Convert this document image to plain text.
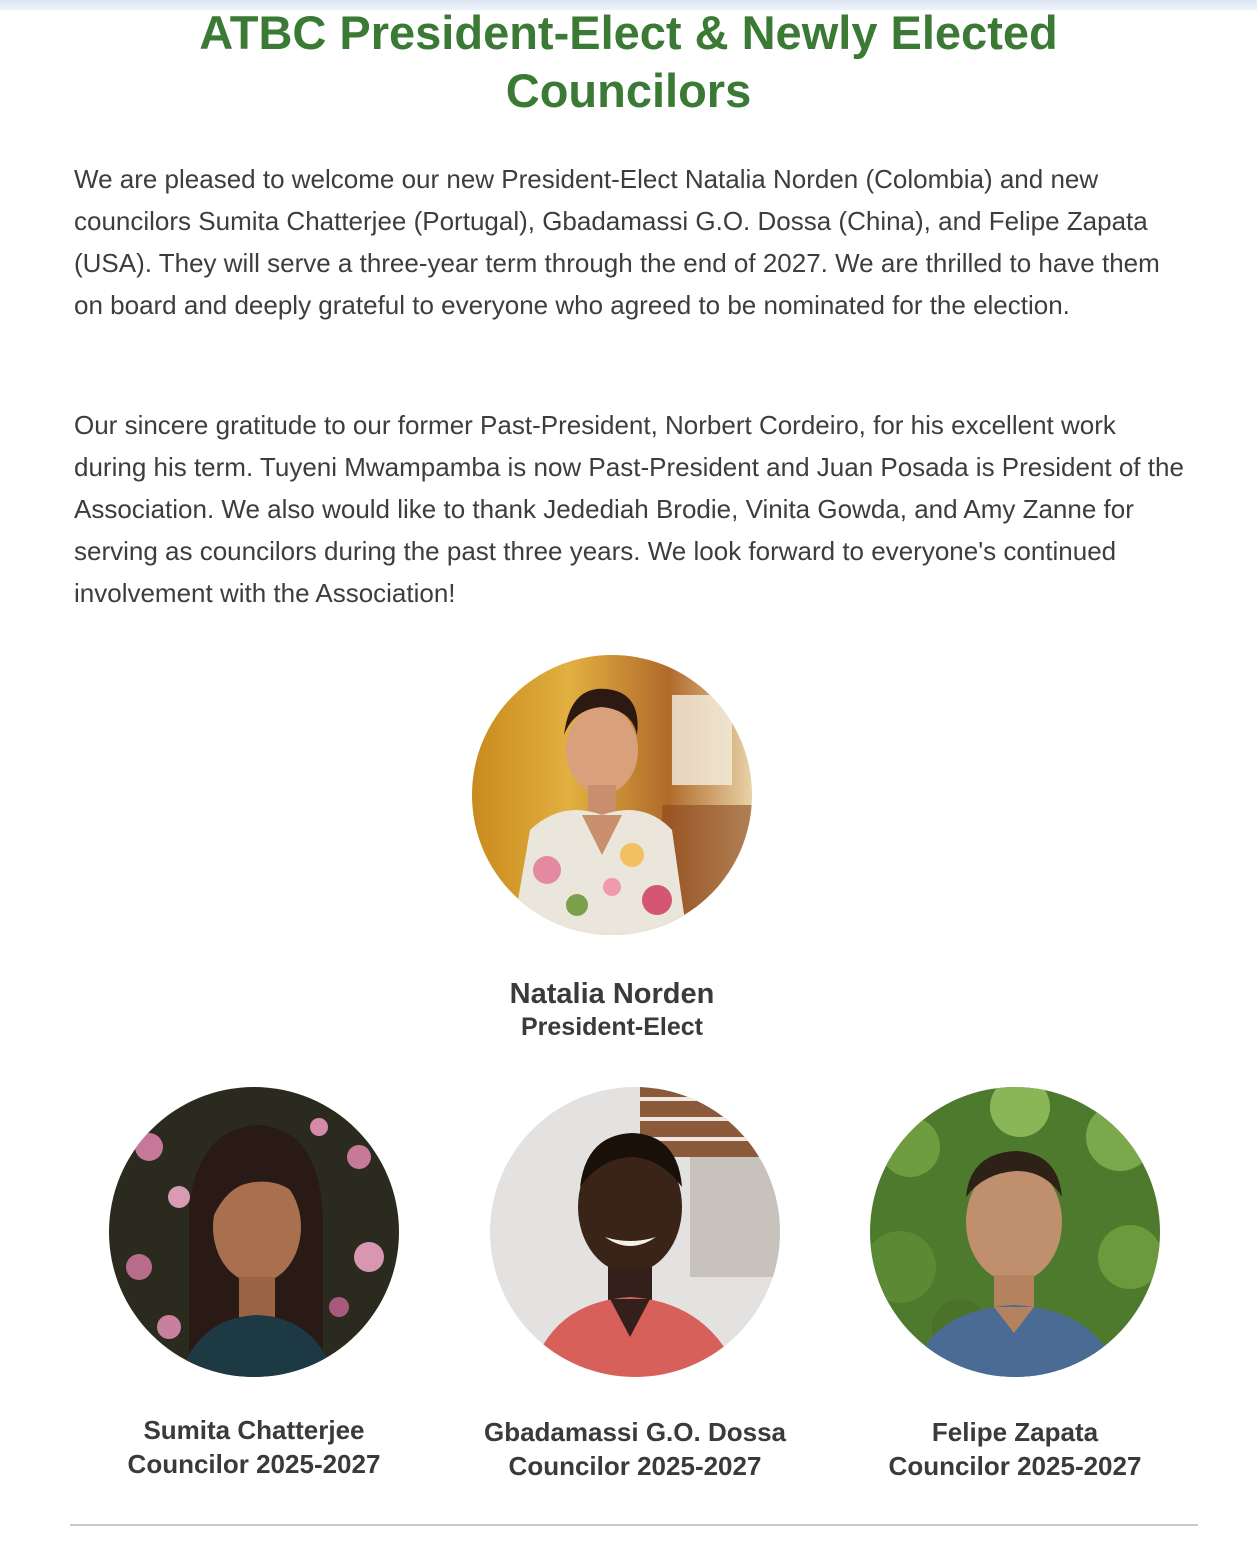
ATBC President-Elect & Newly Elected
Councilors

We are pleased to welcome our new President-Elect Natalia Norden (Colombia) and new councilors Sumita Chatterjee (Portugal), Gbadamassi G.O. Dossa (China), and Felipe Zapata (USA). They will serve a three-year term through the end of 2027. We are thrilled to have them on board and deeply grateful to everyone who agreed to be nominated for the election.

Our sincere gratitude to our former Past-President, Norbert Cordeiro, for his excellent work during his term. Tuyeni Mwampamba is now Past-President and Juan Posada is President of the Association. We also would like to thank Jedediah Brodie, Vinita Gowda, and Amy Zanne for serving as councilors during the past three years. We look forward to everyone's continued involvement with the Association!

Natalia Norden
President-Elect
Sumita Chatterjee
Councilor 2025-2027
Gbadamassi G.O. Dossa
Councilor 2025-2027
Felipe Zapata
Councilor 2025-2027
